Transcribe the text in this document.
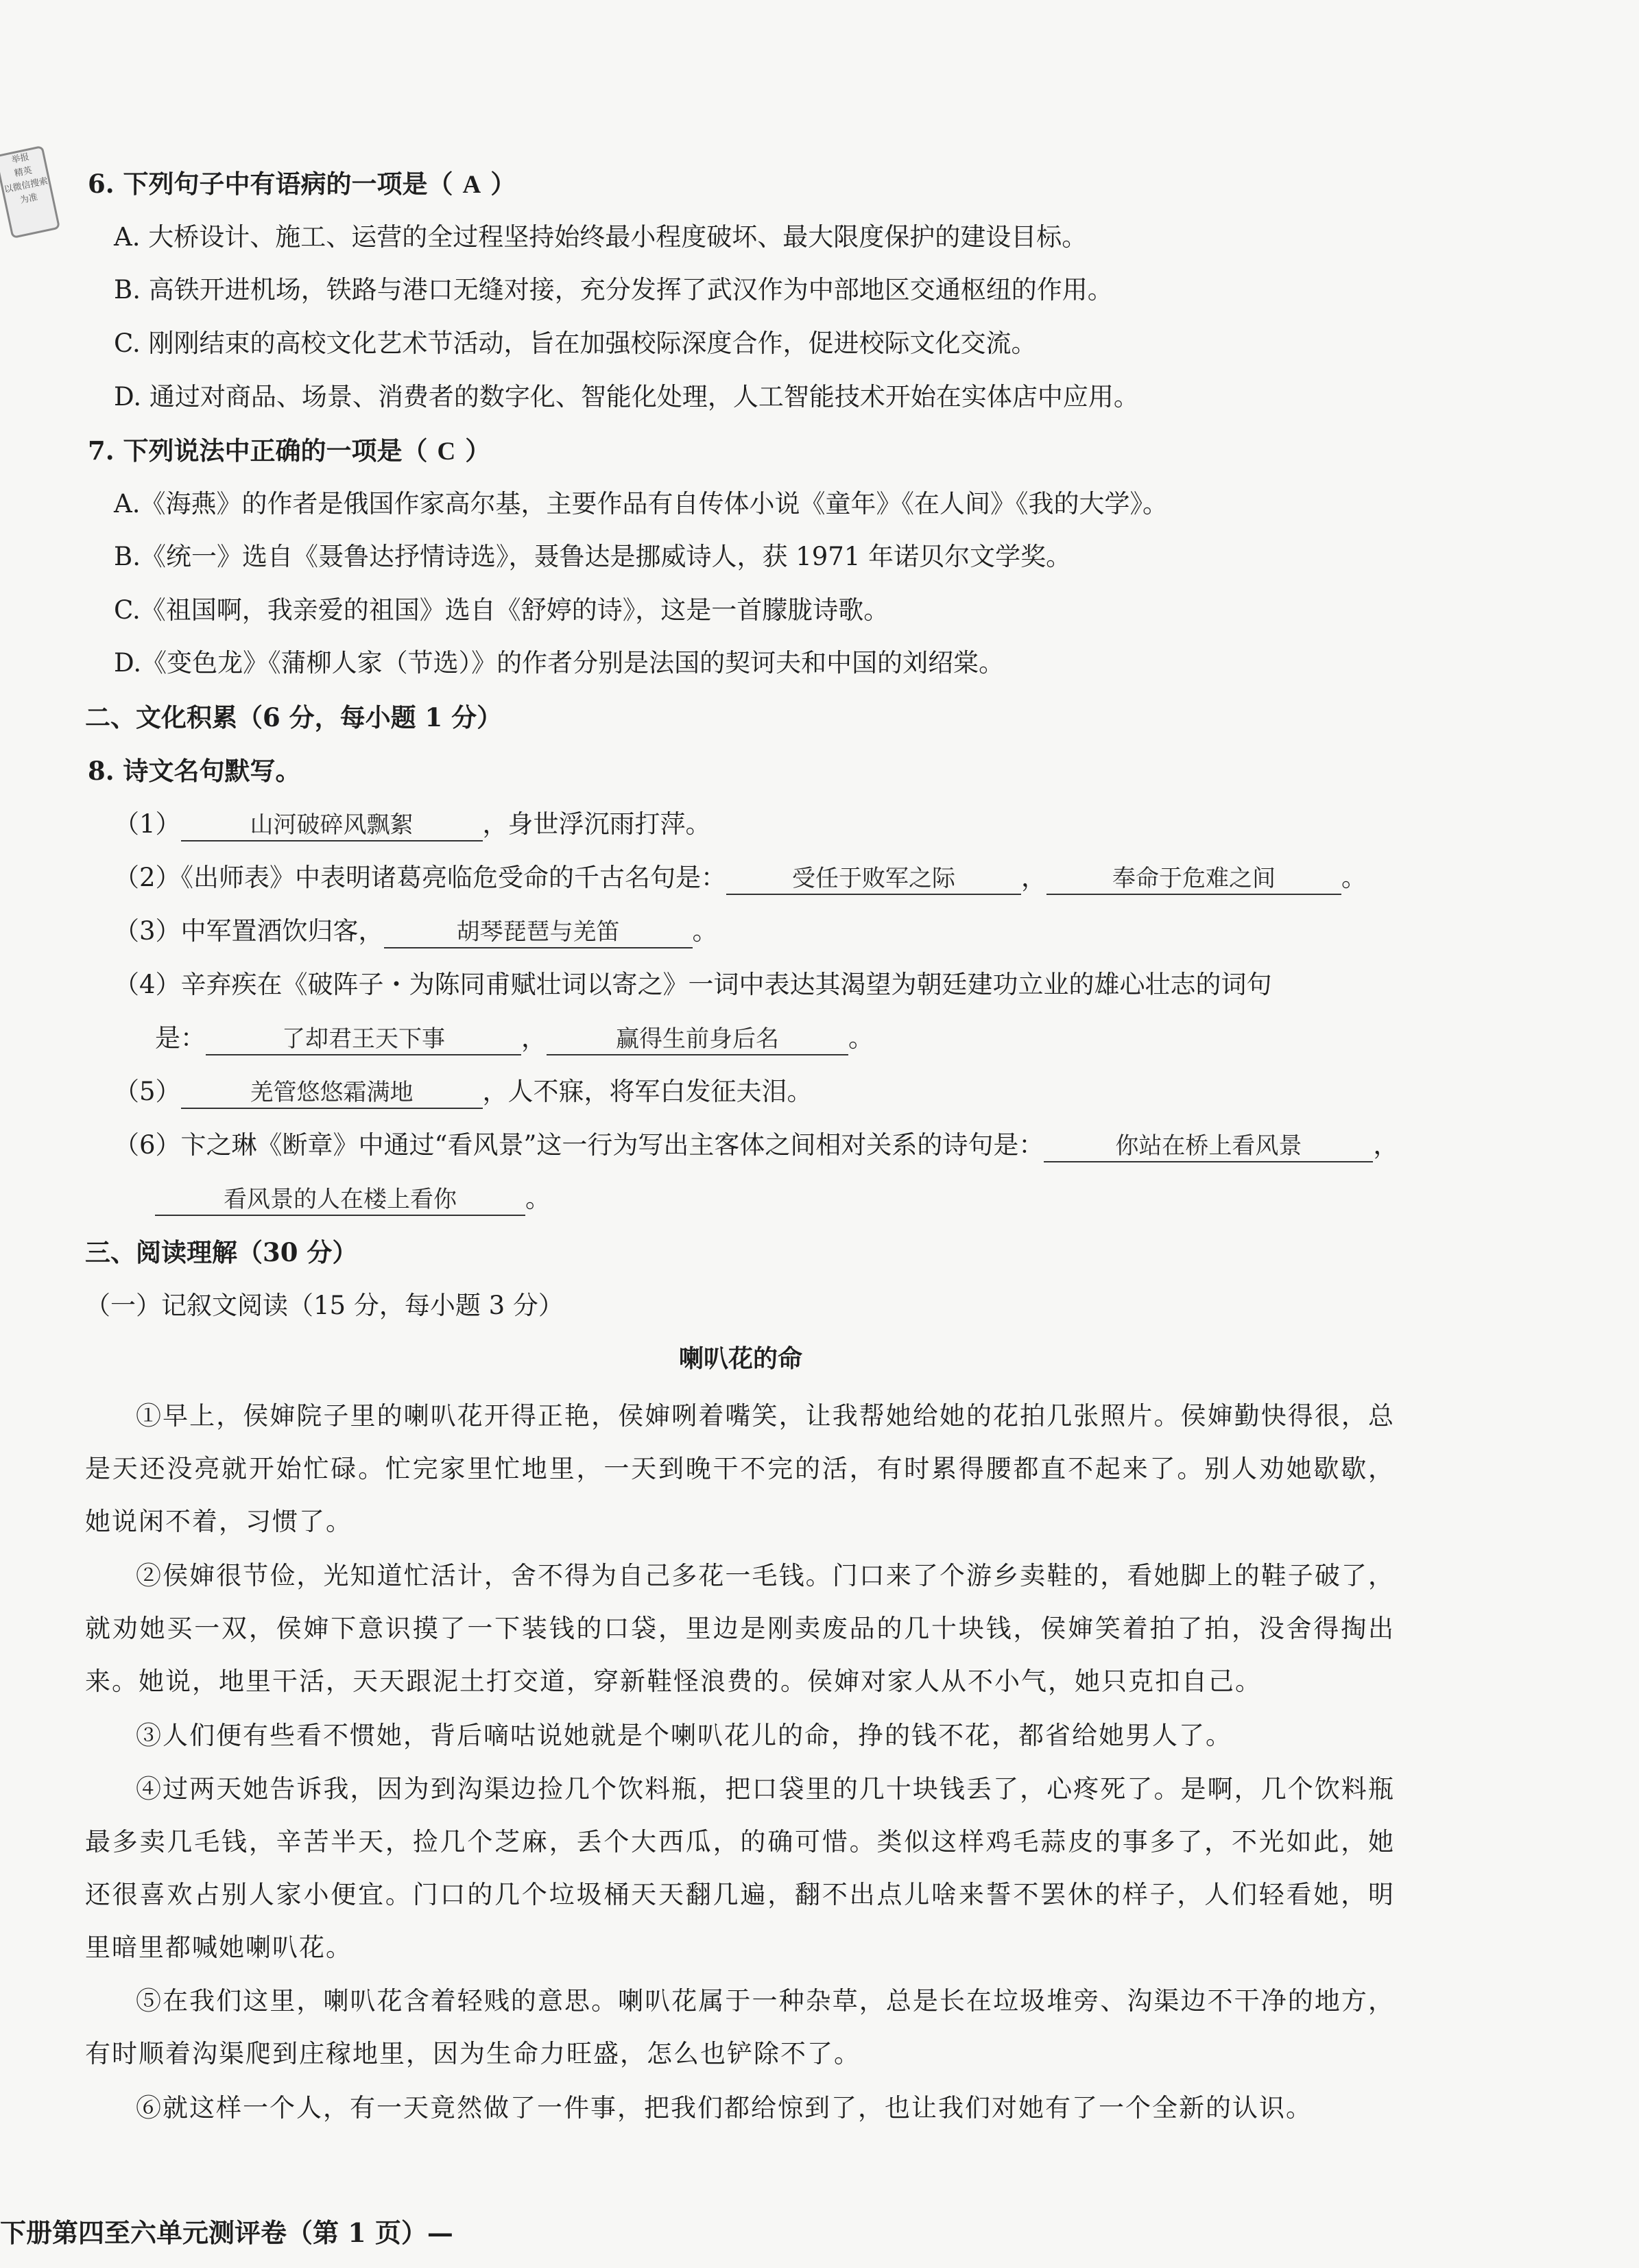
举报
精英
以微信搜索为准
6. 下列句子中有语病的一项是（ A ）
A. 大桥设计、施工、运营的全过程坚持始终最小程度破坏、最大限度保护的建设目标。
B. 高铁开进机场，铁路与港口无缝对接，充分发挥了武汉作为中部地区交通枢纽的作用。
C. 刚刚结束的高校文化艺术节活动，旨在加强校际深度合作，促进校际文化交流。
D. 通过对商品、场景、消费者的数字化、智能化处理，人工智能技术开始在实体店中应用。
7. 下列说法中正确的一项是（ C ）
A.《海燕》的作者是俄国作家高尔基，主要作品有自传体小说《童年》《在人间》《我的大学》。
B.《统一》选自《聂鲁达抒情诗选》，聂鲁达是挪威诗人，获 1971 年诺贝尔文学奖。
C.《祖国啊，我亲爱的祖国》选自《舒婷的诗》，这是一首朦胧诗歌。
D.《变色龙》《蒲柳人家（节选）》的作者分别是法国的契诃夫和中国的刘绍棠。
二、文化积累（6 分，每小题 1 分）
8. 诗文名句默写。
（1）	山河破碎风飘絮	，身世浮沉雨打萍。
（2）《出师表》中表明诸葛亮临危受命的千古名句是：	受任于败军之际	，	奉命于危难之间	。
（3）中军置酒饮归客，	胡琴琵琶与羌笛	。
（4）辛弃疾在《破阵子・为陈同甫赋壮词以寄之》一词中表达其渴望为朝廷建功立业的雄心壮志的词句
是：	了却君王天下事	，	赢得生前身后名	。
（5）	羌管悠悠霜满地	，人不寐，将军白发征夫泪。
（6）卞之琳《断章》中通过“看风景”这一行为写出主客体之间相对关系的诗句是：	你站在桥上看风景	，
看风景的人在楼上看你	。
三、阅读理解（30 分）
（一）记叙文阅读（15 分，每小题 3 分）
喇叭花的命
①早上，侯婶院子里的喇叭花开得正艳，侯婶咧着嘴笑，让我帮她给她的花拍几张照片。侯婶勤快得很，总是天还没亮就开始忙碌。忙完家里忙地里，一天到晚干不完的活，有时累得腰都直不起来了。别人劝她歇歇，她说闲不着，习惯了。
②侯婶很节俭，光知道忙活计，舍不得为自己多花一毛钱。门口来了个游乡卖鞋的，看她脚上的鞋子破了，就劝她买一双，侯婶下意识摸了一下装钱的口袋，里边是刚卖废品的几十块钱，侯婶笑着拍了拍，没舍得掏出来。她说，地里干活，天天跟泥土打交道，穿新鞋怪浪费的。侯婶对家人从不小气，她只克扣自己。
③人们便有些看不惯她，背后嘀咕说她就是个喇叭花儿的命，挣的钱不花，都省给她男人了。
④过两天她告诉我，因为到沟渠边捡几个饮料瓶，把口袋里的几十块钱丢了，心疼死了。是啊，几个饮料瓶最多卖几毛钱，辛苦半天，捡几个芝麻，丢个大西瓜，的确可惜。类似这样鸡毛蒜皮的事多了，不光如此，她还很喜欢占别人家小便宜。门口的几个垃圾桶天天翻几遍，翻不出点儿啥来誓不罢休的样子，人们轻看她，明里暗里都喊她喇叭花。
⑤在我们这里，喇叭花含着轻贱的意思。喇叭花属于一种杂草，总是长在垃圾堆旁、沟渠边不干净的地方，有时顺着沟渠爬到庄稼地里，因为生命力旺盛，怎么也铲除不了。
⑥就这样一个人，有一天竟然做了一件事，把我们都给惊到了，也让我们对她有了一个全新的认识。
下册第四至六单元测评卷（第 1 页）—
